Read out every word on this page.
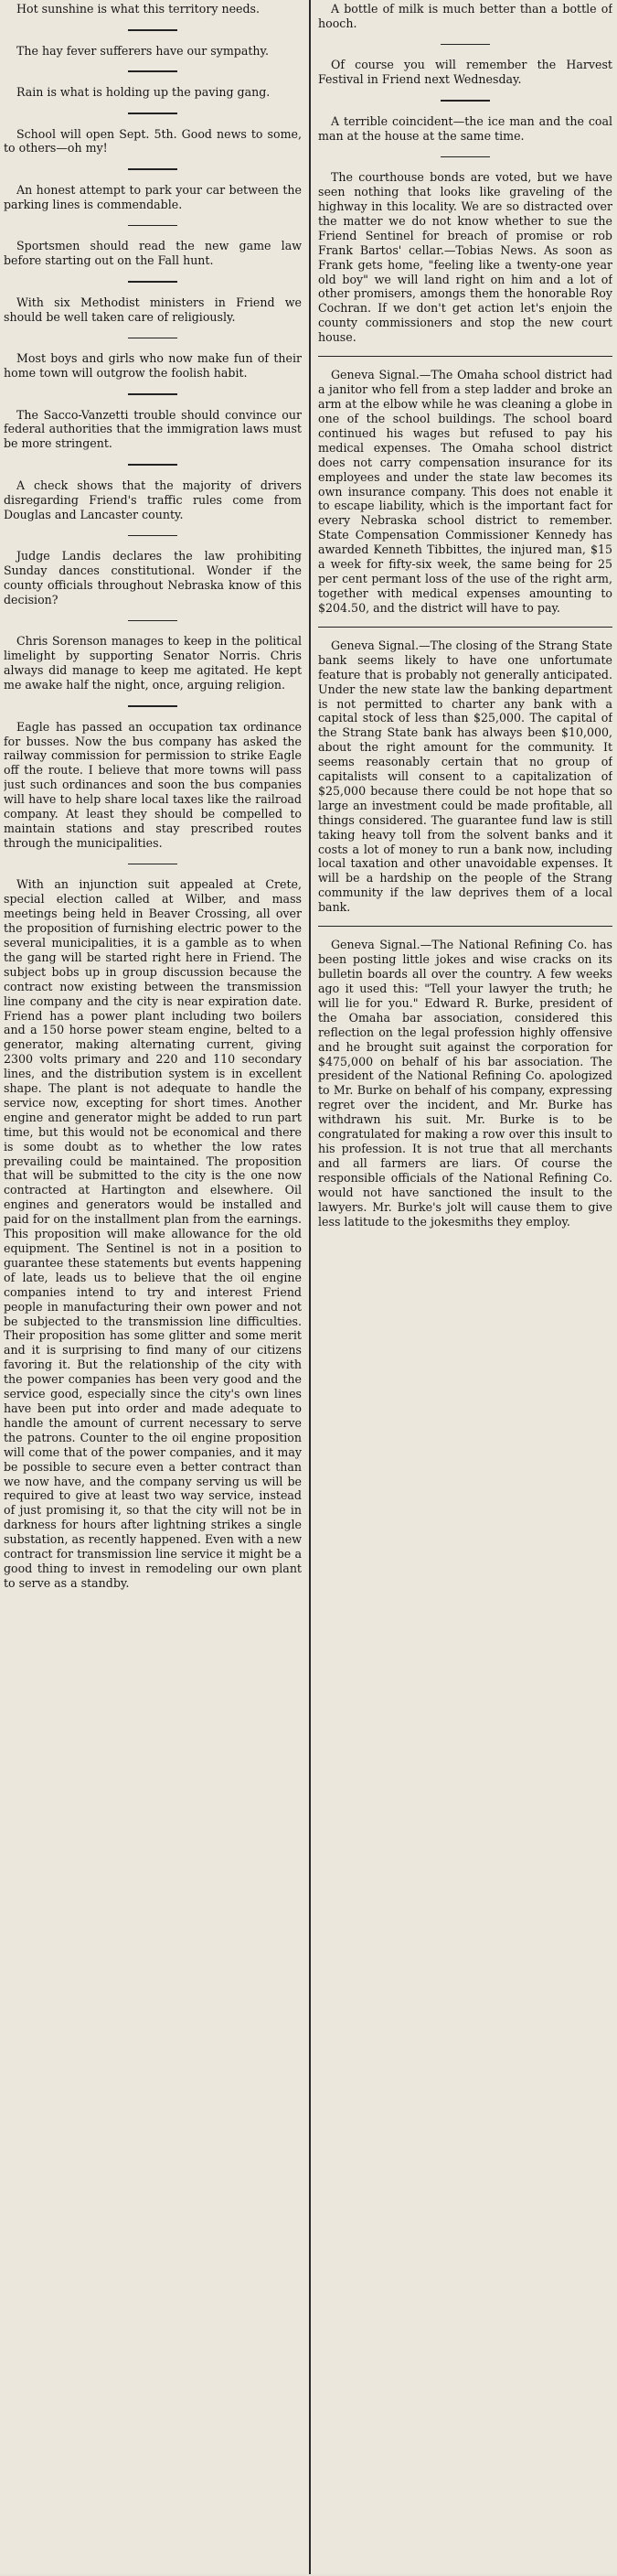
Hot sunshine is what this territory needs.

The hay fever sufferers have our sympathy.

Rain is what is holding up the paving gang.

School will open Sept. 5th. Good news to some, to others—oh my!

An honest attempt to park your car between the parking lines is commendable.

Sportsmen should read the new game law before starting out on the Fall hunt.

With six Methodist ministers in Friend we should be well taken care of religiously.

Most boys and girls who now make fun of their home town will outgrow the foolish habit.

The Sacco-Vanzetti trouble should convince our federal authorities that the immigration laws must be more stringent.

A check shows that the majority of drivers disregarding Friend's traffic rules come from Douglas and Lancaster county.

Judge Landis declares the law prohibiting Sunday dances constitutional. Wonder if the county officials throughout Nebraska know of this decision?

Chris Sorenson manages to keep in the political limelight by supporting Senator Norris. Chris always did manage to keep me agitated. He kept me awake half the night, once, arguing religion.

Eagle has passed an occupation tax ordinance for busses. Now the bus company has asked the railway commission for permission to strike Eagle off the route. I believe that more towns will pass just such ordinances and soon the bus companies will have to help share local taxes like the railroad company. At least they should be compelled to maintain stations and stay prescribed routes through the municipalities.

With an injunction suit appealed at Crete, special election called at Wilber, and mass meetings being held in Beaver Crossing, all over the proposition of furnishing electric power to the several municipalities, it is a gamble as to when the gang will be started right here in Friend. The subject bobs up in group discussion because the contract now existing between the transmission line company and the city is near expiration date. Friend has a power plant including two boilers and a 150 horse power steam engine, belted to a generator, making alternating current, giving 2300 volts primary and 220 and 110 secondary lines, and the distribution system is in excellent shape. The plant is not adequate to handle the service now, excepting for short times. Another engine and generator might be added to run part time, but this would not be economical and there is some doubt as to whether the low rates prevailing could be maintained. The proposition that will be submitted to the city is the one now contracted at Hartington and elsewhere. Oil engines and generators would be installed and paid for on the installment plan from the earnings. This proposition will make allowance for the old equipment. The Sentinel is not in a position to guarantee these statements but events happening of late, leads us to believe that the oil engine companies intend to try and interest Friend people in manufacturing their own power and not be subjected to the transmission line difficulties. Their proposition has some glitter and some merit and it is surprising to find many of our citizens favoring it. But the relationship of the city with the power companies has been very good and the service good, especially since the city's own lines have been put into order and made adequate to handle the amount of current necessary to serve the patrons. Counter to the oil engine proposition will come that of the power companies, and it may be possible to secure even a better contract than we now have, and the company serving us will be required to give at least two way service, instead of just promising it, so that the city will not be in darkness for hours after lightning strikes a single substation, as recently happened. Even with a new contract for transmission line service it might be a good thing to invest in remodeling our own plant to serve as a standby.

A bottle of milk is much better than a bottle of hooch.

Of course you will remember the Harvest Festival in Friend next Wednesday.

A terrible coincident—the ice man and the coal man at the house at the same time.

The courthouse bonds are voted, but we have seen nothing that looks like graveling of the highway in this locality. We are so distracted over the matter we do not know whether to sue the Friend Sentinel for breach of promise or rob Frank Bartos' cellar.—Tobias News. As soon as Frank gets home, "feeling like a twenty-one year old boy" we will land right on him and a lot of other promisers, amongs them the honorable Roy Cochran. If we don't get action let's enjoin the county commissioners and stop the new court house.

Geneva Signal.—The Omaha school district had a janitor who fell from a step ladder and broke an arm at the elbow while he was cleaning a globe in one of the school buildings. The school board continued his wages but refused to pay his medical expenses. The Omaha school district does not carry compensation insurance for its employees and under the state law becomes its own insurance company. This does not enable it to escape liability, which is the important fact for every Nebraska school district to remember. State Compensation Commissioner Kennedy has awarded Kenneth Tibbittes, the injured man, $15 a week for fifty-six week, the same being for 25 per cent permant loss of the use of the right arm, together with medical expenses amounting to $204.50, and the district will have to pay.

Geneva Signal.—The closing of the Strang State bank seems likely to have one unfortumate feature that is probably not generally anticipated. Under the new state law the banking department is not permitted to charter any bank with a capital stock of less than $25,000. The capital of the Strang State bank has always been $10,000, about the right amount for the community. It seems reasonably certain that no group of capitalists will consent to a capitalization of $25,000 because there could be not hope that so large an investment could be made profitable, all things considered. The guarantee fund law is still taking heavy toll from the solvent banks and it costs a lot of money to run a bank now, including local taxation and other unavoidable expenses. It will be a hardship on the people of the Strang community if the law deprives them of a local bank.

Geneva Signal.—The National Refining Co. has been posting little jokes and wise cracks on its bulletin boards all over the country. A few weeks ago it used this: "Tell your lawyer the truth; he will lie for you." Edward R. Burke, president of the Omaha bar association, considered this reflection on the legal profession highly offensive and he brought suit against the corporation for $475,000 on behalf of his bar association. The president of the National Refining Co. apologized to Mr. Burke on behalf of his company, expressing regret over the incident, and Mr. Burke has withdrawn his suit. Mr. Burke is to be congratulated for making a row over this insult to his profession. It is not true that all merchants and all farmers are liars. Of course the responsible officials of the National Refining Co. would not have sanctioned the insult to the lawyers. Mr. Burke's jolt will cause them to give less latitude to the jokesmiths they employ.
